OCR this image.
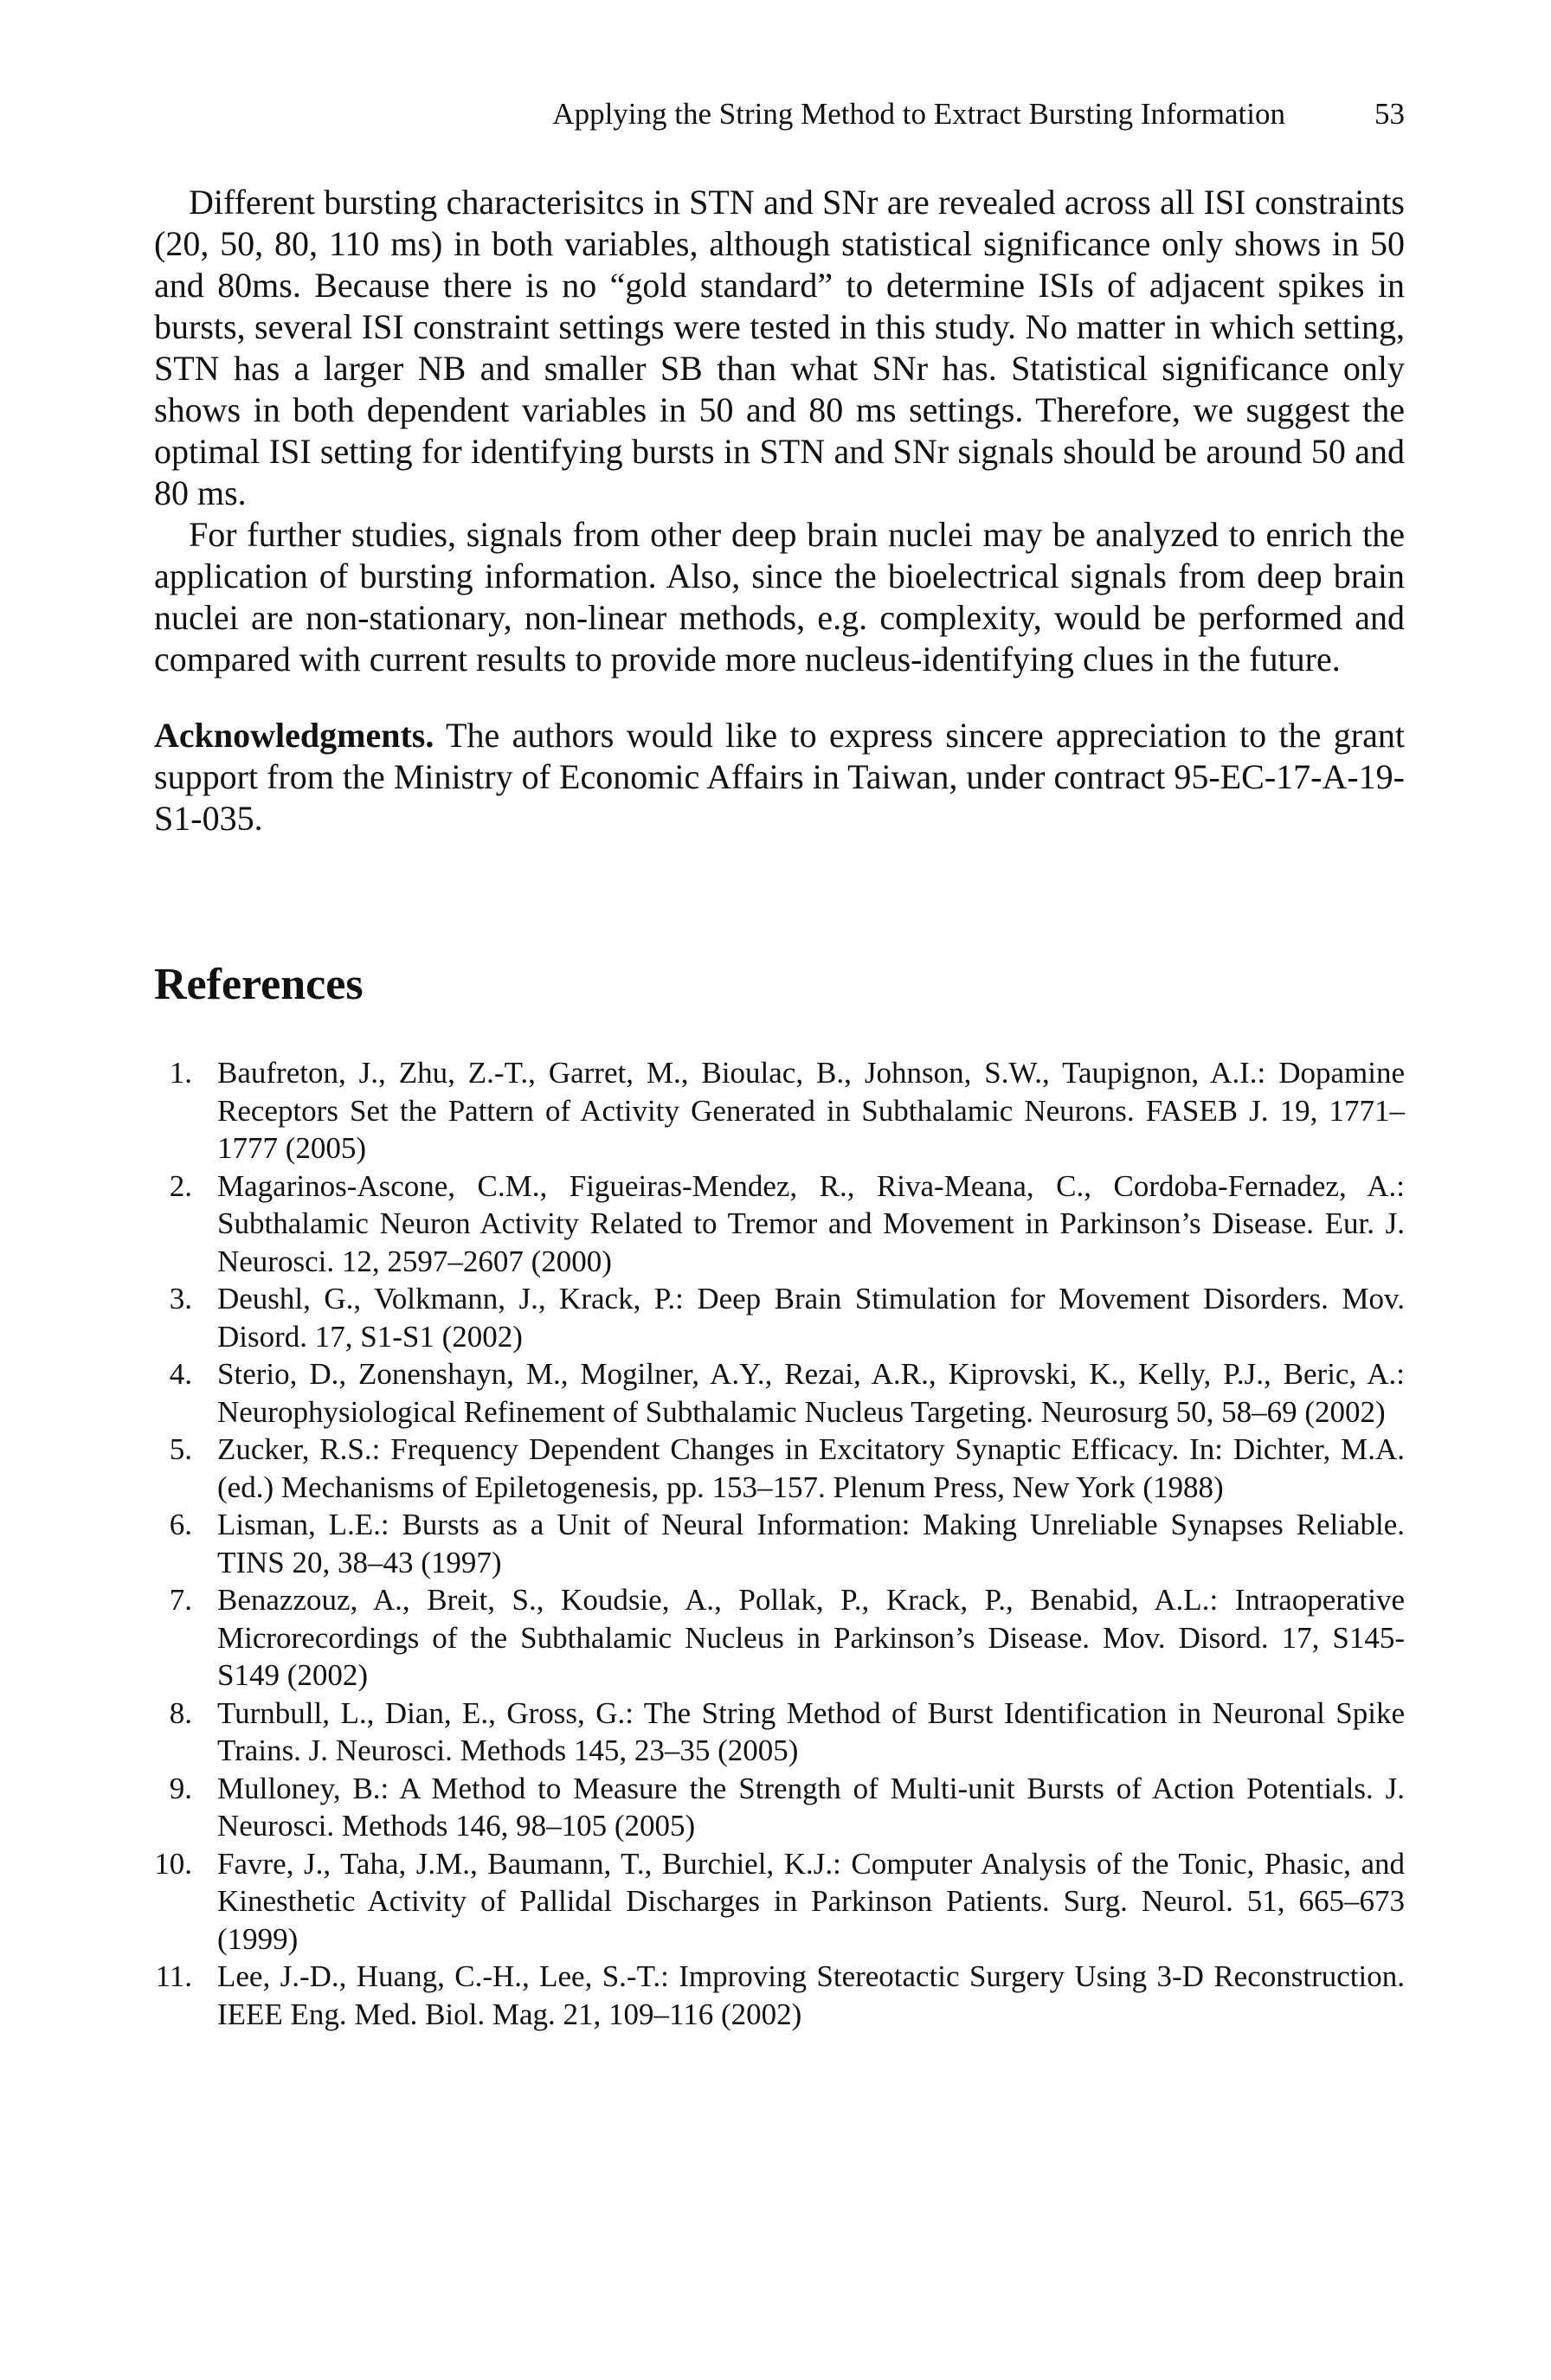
Applying the String Method to Extract Bursting Information	53

Different bursting characterisitcs in STN and SNr are revealed across all ISI constraints (20, 50, 80, 110 ms) in both variables, although statistical significance only shows in 50 and 80ms. Because there is no “gold standard” to determine ISIs of adjacent spikes in bursts, several ISI constraint settings were tested in this study. No matter in which setting, STN has a larger NB and smaller SB than what SNr has. Statistical significance only shows in both dependent variables in 50 and 80 ms settings. Therefore, we suggest the optimal ISI setting for identifying bursts in STN and SNr signals should be around 50 and 80 ms.

For further studies, signals from other deep brain nuclei may be analyzed to enrich the application of bursting information. Also, since the bioelectrical signals from deep brain nuclei are non-stationary, non-linear methods, e.g. complexity, would be performed and compared with current results to provide more nucleus-identifying clues in the future.

Acknowledgments. The authors would like to express sincere appreciation to the grant support from the Ministry of Economic Affairs in Taiwan, under contract 95-EC-17-A-19-S1-035.

References
1. Baufreton, J., Zhu, Z.-T., Garret, M., Bioulac, B., Johnson, S.W., Taupignon, A.I.: Dopamine Receptors Set the Pattern of Activity Generated in Subthalamic Neurons. FASEB J. 19, 1771–1777 (2005)
2. Magarinos-Ascone, C.M., Figueiras-Mendez, R., Riva-Meana, C., Cordoba-Fernadez, A.: Subthalamic Neuron Activity Related to Tremor and Movement in Parkinson’s Disease. Eur. J. Neurosci. 12, 2597–2607 (2000)
3. Deushl, G., Volkmann, J., Krack, P.: Deep Brain Stimulation for Movement Disorders. Mov. Disord. 17, S1-S1 (2002)
4. Sterio, D., Zonenshayn, M., Mogilner, A.Y., Rezai, A.R., Kiprovski, K., Kelly, P.J., Beric, A.: Neurophysiological Refinement of Subthalamic Nucleus Targeting. Neurosurg 50, 58–69 (2002)
5. Zucker, R.S.: Frequency Dependent Changes in Excitatory Synaptic Efficacy. In: Dichter, M.A. (ed.) Mechanisms of Epiletogenesis, pp. 153–157. Plenum Press, New York (1988)
6. Lisman, L.E.: Bursts as a Unit of Neural Information: Making Unreliable Synapses Reliable. TINS 20, 38–43 (1997)
7. Benazzouz, A., Breit, S., Koudsie, A., Pollak, P., Krack, P., Benabid, A.L.: Intraoperative Microrecordings of the Subthalamic Nucleus in Parkinson’s Disease. Mov. Disord. 17, S145-S149 (2002)
8. Turnbull, L., Dian, E., Gross, G.: The String Method of Burst Identification in Neuronal Spike Trains. J. Neurosci. Methods 145, 23–35 (2005)
9. Mulloney, B.: A Method to Measure the Strength of Multi-unit Bursts of Action Potentials. J. Neurosci. Methods 146, 98–105 (2005)
10. Favre, J., Taha, J.M., Baumann, T., Burchiel, K.J.: Computer Analysis of the Tonic, Phasic, and Kinesthetic Activity of Pallidal Discharges in Parkinson Patients. Surg. Neurol. 51, 665–673 (1999)
11. Lee, J.-D., Huang, C.-H., Lee, S.-T.: Improving Stereotactic Surgery Using 3-D Reconstruction. IEEE Eng. Med. Biol. Mag. 21, 109–116 (2002)
